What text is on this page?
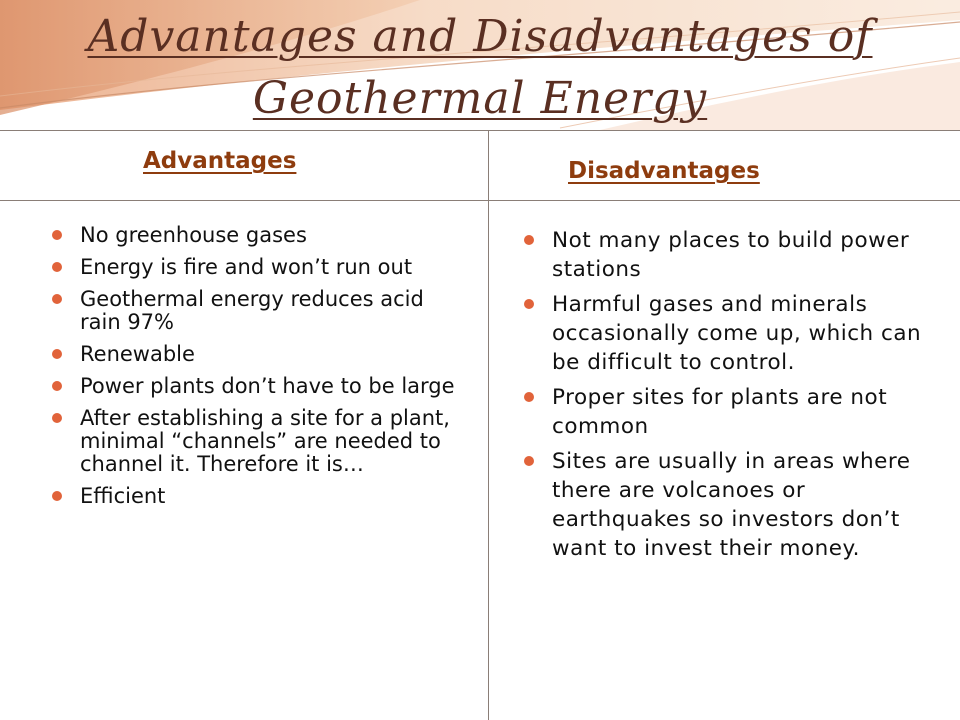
Advantages and Disadvantages of
Geothermal Energy
Advantages	Disadvantages
No greenhouse gases
Energy is fire and won’t run out
Geothermal energy reduces acid rain 97%
Renewable
Power plants don’t have to be large
After establishing a site for a plant, minimal “channels” are needed to channel it. Therefore it is…
Efficient
Not many places to build power stations
Harmful gases and minerals occasionally come up, which can be difficult to control.
Proper sites for plants are not common
Sites are usually in areas where there are volcanoes or earthquakes so investors don’t want to invest their money.
